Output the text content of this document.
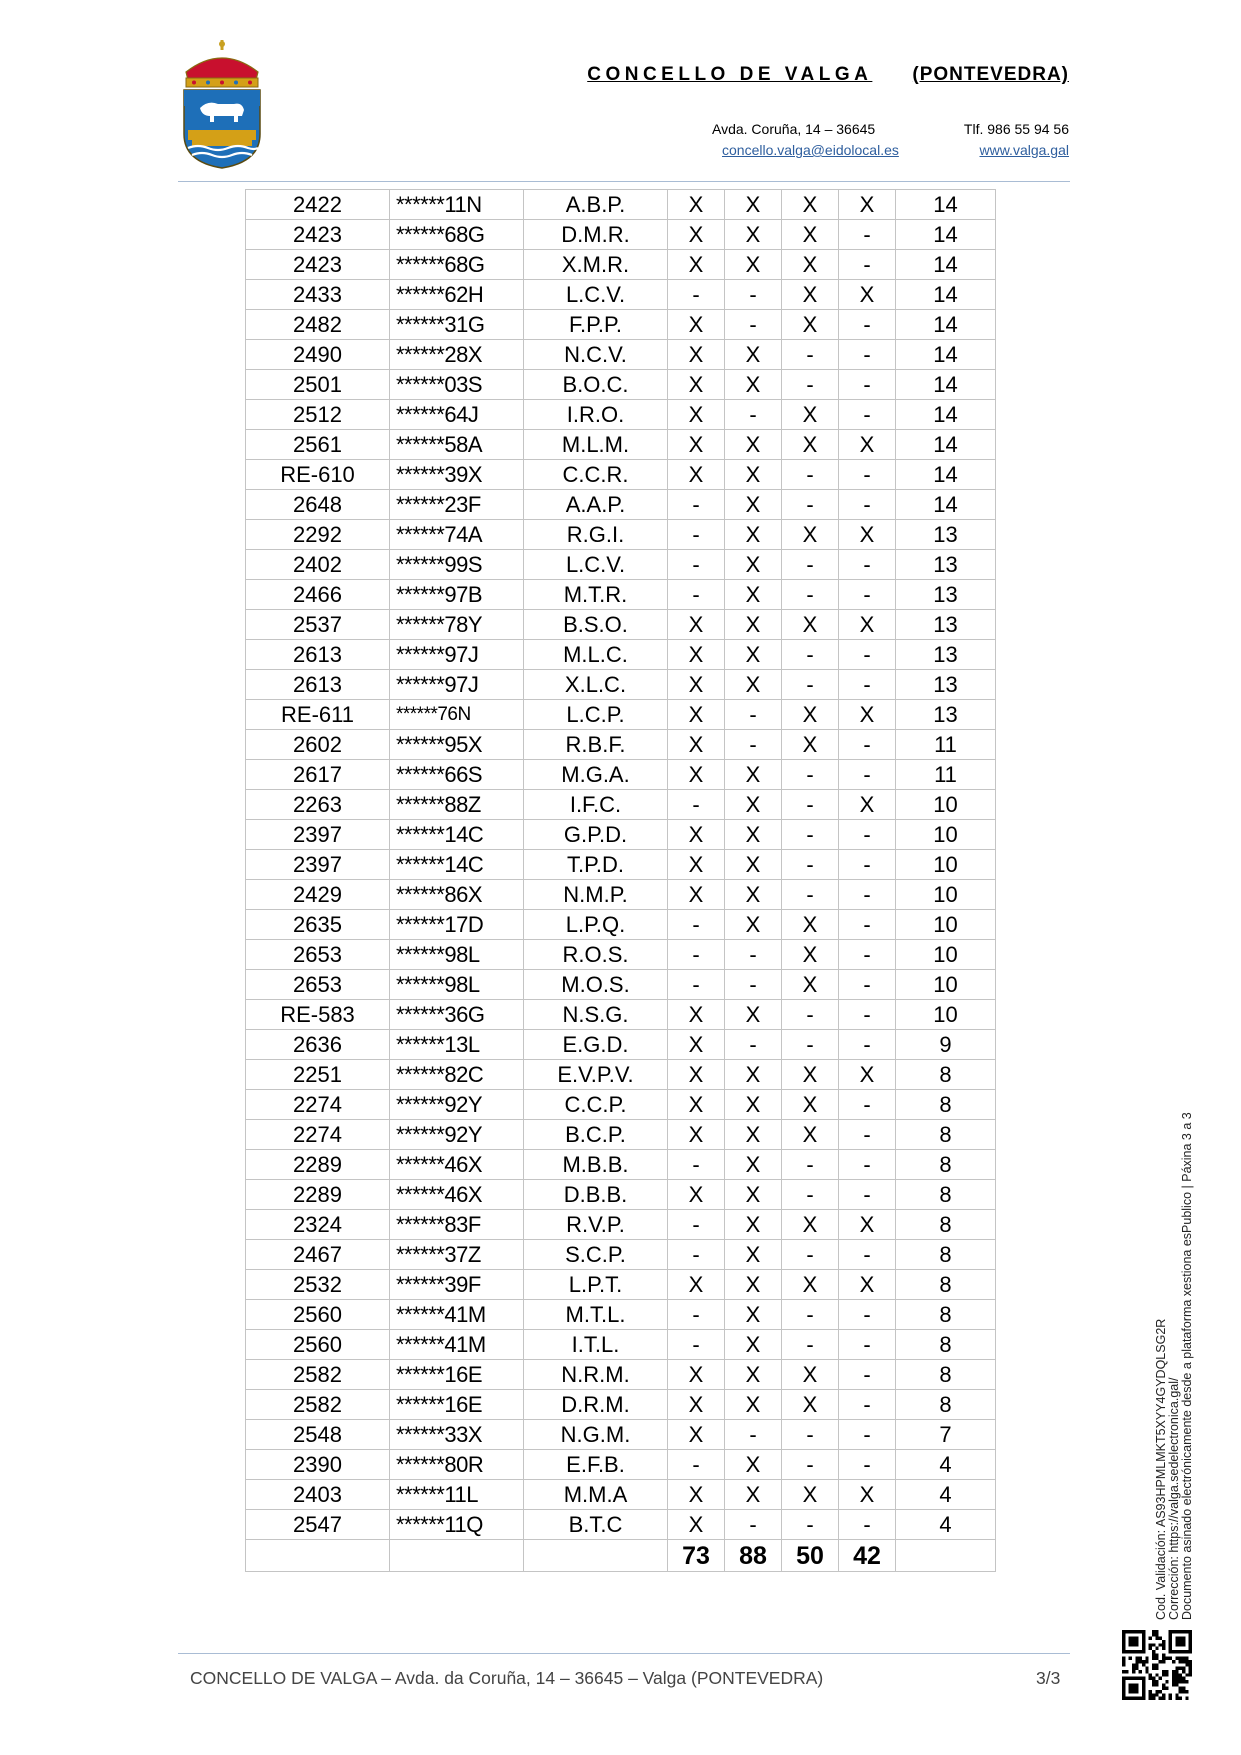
CONCELLO DE VALGA (PONTEVEDRA)
Avda. Coruña, 14 – 36645	Tlf. 986 55 94 56
concello.valga@eidolocal.es	www.valga.gal
2422	******11N	A.B.P.	X	X	X	X	14
2423	******68G	D.M.R.	X	X	X	-	14
2423	******68G	X.M.R.	X	X	X	-	14
2433	******62H	L.C.V.	-	-	X	X	14
2482	******31G	F.P.P.	X	-	X	-	14
2490	******28X	N.C.V.	X	X	-	-	14
2501	******03S	B.O.C.	X	X	-	-	14
2512	******64J	I.R.O.	X	-	X	-	14
2561	******58A	M.L.M.	X	X	X	X	14
RE-610	******39X	C.C.R.	X	X	-	-	14
2648	******23F	A.A.P.	-	X	-	-	14
2292	******74A	R.G.I.	-	X	X	X	13
2402	******99S	L.C.V.	-	X	-	-	13
2466	******97B	M.T.R.	-	X	-	-	13
2537	******78Y	B.S.O.	X	X	X	X	13
2613	******97J	M.L.C.	X	X	-	-	13
2613	******97J	X.L.C.	X	X	-	-	13
RE-611	******76N	L.C.P.	X	-	X	X	13
2602	******95X	R.B.F.	X	-	X	-	11
2617	******66S	M.G.A.	X	X	-	-	11
2263	******88Z	I.F.C.	-	X	-	X	10
2397	******14C	G.P.D.	X	X	-	-	10
2397	******14C	T.P.D.	X	X	-	-	10
2429	******86X	N.M.P.	X	X	-	-	10
2635	******17D	L.P.Q.	-	X	X	-	10
2653	******98L	R.O.S.	-	-	X	-	10
2653	******98L	M.O.S.	-	-	X	-	10
RE-583	******36G	N.S.G.	X	X	-	-	10
2636	******13L	E.G.D.	X	-	-	-	9
2251	******82C	E.V.P.V.	X	X	X	X	8
2274	******92Y	C.C.P.	X	X	X	-	8
2274	******92Y	B.C.P.	X	X	X	-	8
2289	******46X	M.B.B.	-	X	-	-	8
2289	******46X	D.B.B.	X	X	-	-	8
2324	******83F	R.V.P.	-	X	X	X	8
2467	******37Z	S.C.P.	-	X	-	-	8
2532	******39F	L.P.T.	X	X	X	X	8
2560	******41M	M.T.L.	-	X	-	-	8
2560	******41M	I.T.L.	-	X	-	-	8
2582	******16E	N.R.M.	X	X	X	-	8
2582	******16E	D.R.M.	X	X	X	-	8
2548	******33X	N.G.M.	X	-	-	-	7
2390	******80R	E.F.B.	-	X	-	-	4
2403	******11L	M.M.A	X	X	X	X	4
2547	******11Q	B.T.C	X	-	-	-	4
			73	88	50	42	
CONCELLO DE VALGA – Avda. da Coruña, 14 – 36645 – Valga (PONTEVEDRA)	3/3
Cod. Validación: AS93HPMLMKT5XYY4GYDQLSG2R Corrección: https://valga.sedelectronica.gal/ Documento asinado electrónicamente desde a plataforma xestiona esPublico | Páxina 3 a 3
